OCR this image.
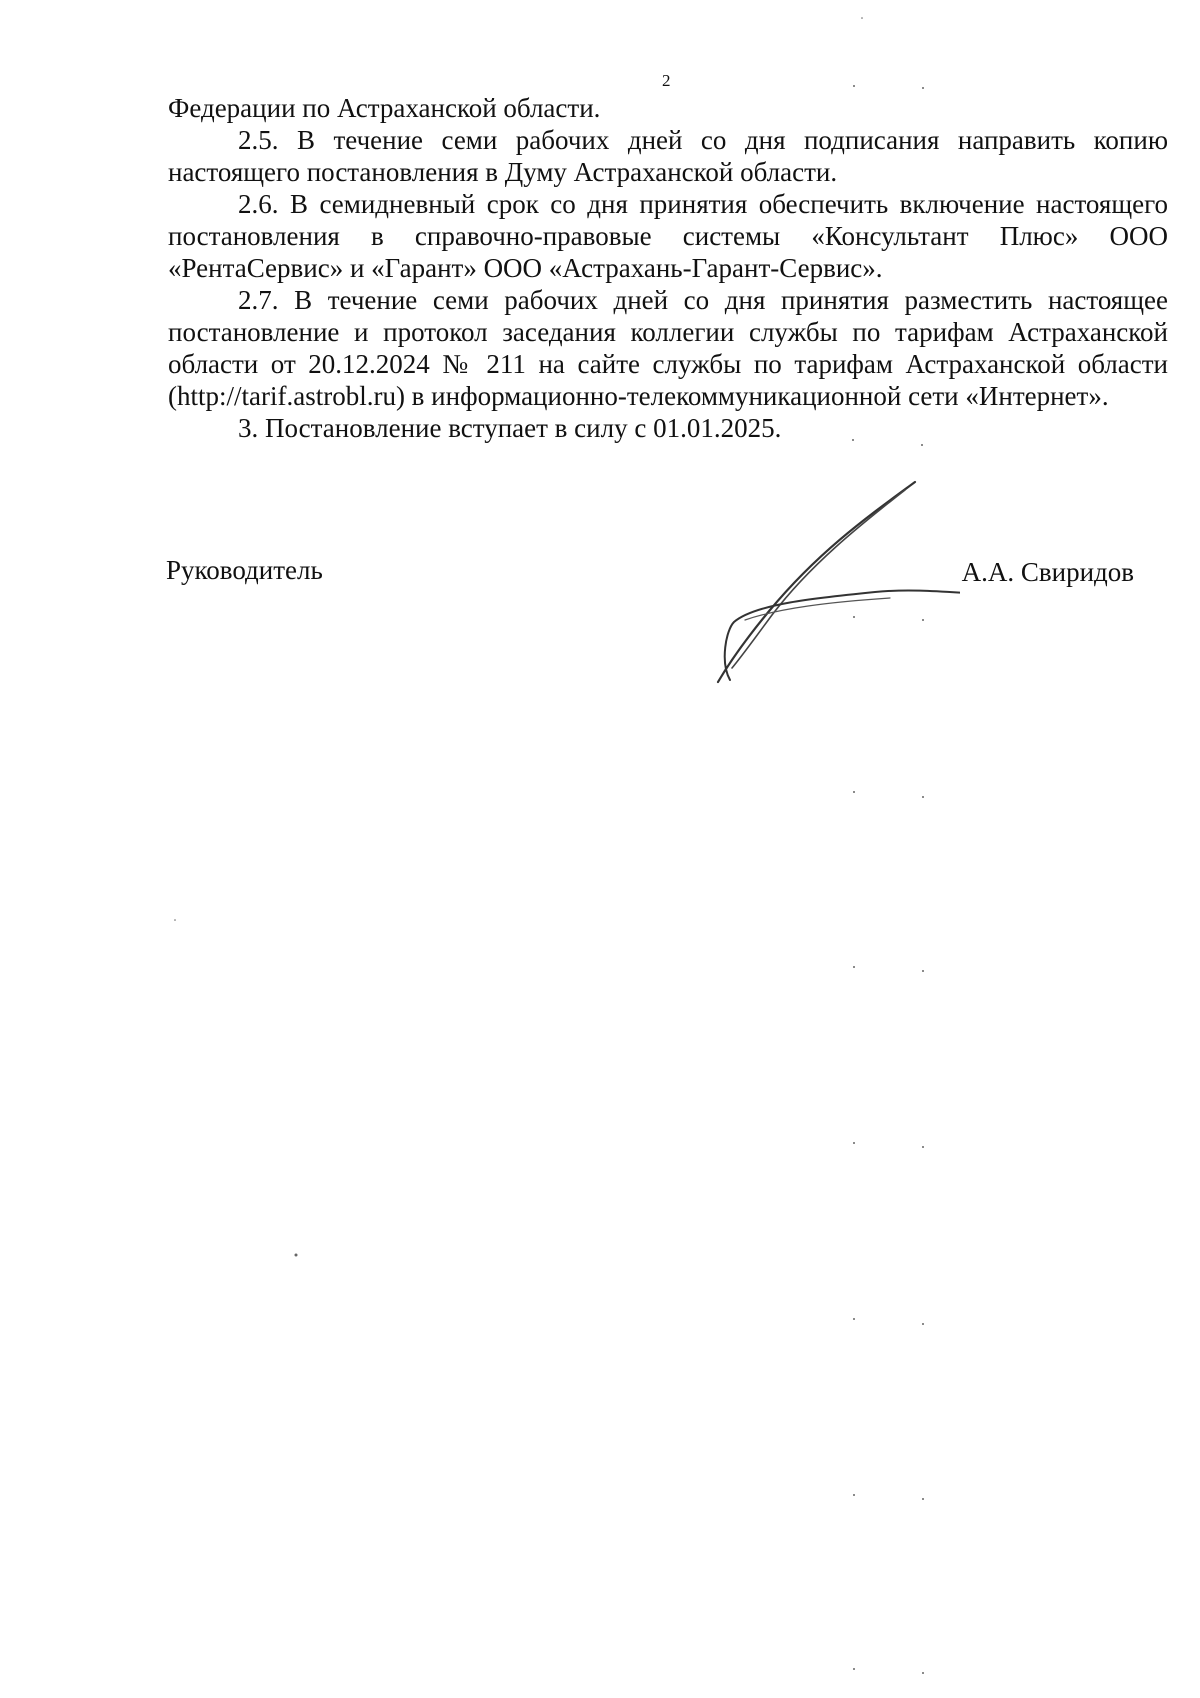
2

Федерации по Астраханской области.

2.5. В течение семи рабочих дней со дня подписания направить копию настоящего постановления в Думу Астраханской области.

2.6. В семидневный срок со дня принятия обеспечить включение настоящего постановления в справочно-правовые системы «Консультант Плюс» ООО «РентаСервис» и «Гарант» ООО «Астрахань-Гарант-Сервис».

2.7. В течение семи рабочих дней со дня принятия разместить настоящее постановление и протокол заседания коллегии службы по тарифам Астраханской области от 20.12.2024 № 211 на сайте службы по тарифам Астраханской области (http://tarif.astrobl.ru) в информационно-телекоммуникационной сети «Интернет».

3. Постановление вступает в силу с 01.01.2025.

Руководитель	А.А. Свиридов
